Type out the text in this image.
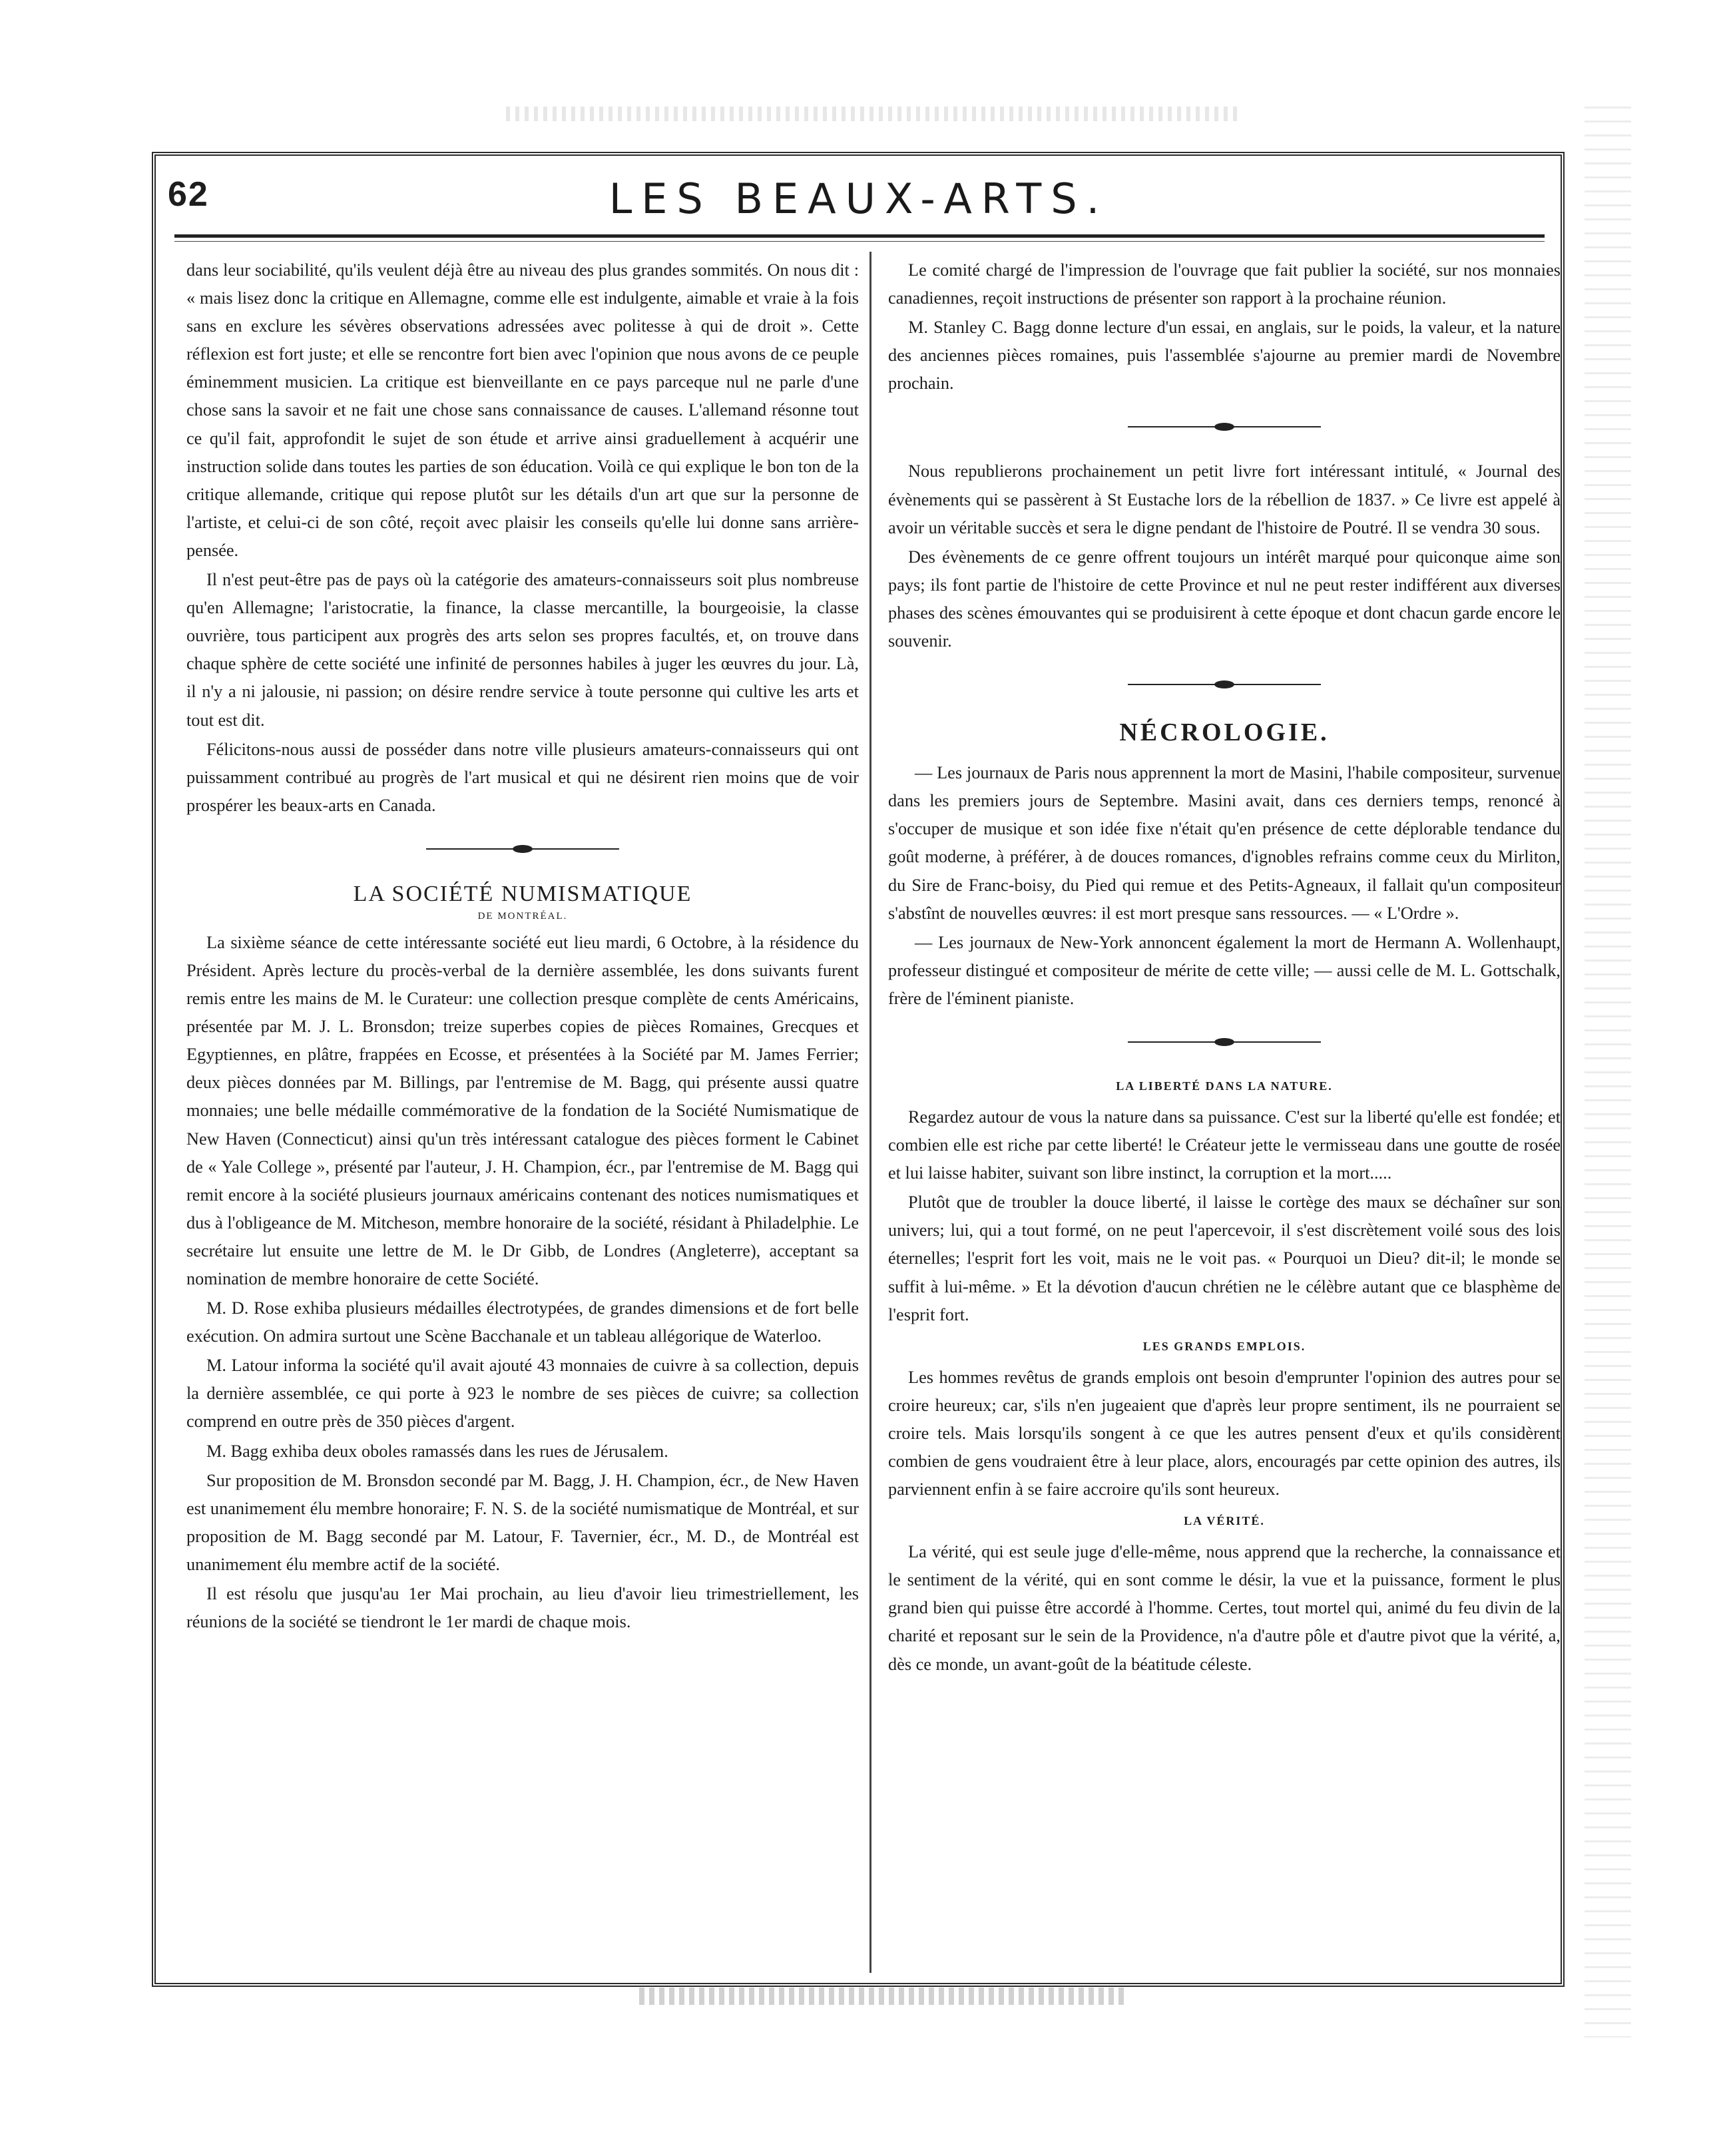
62	LES BEAUX-ARTS.

dans leur sociabilité, qu'ils veulent déjà être au niveau des plus grandes sommités. On nous dit : « mais lisez donc la critique en Allemagne, comme elle est indulgente, aimable et vraie à la fois sans en exclure les sévères observations adressées avec politesse à qui de droit ». Cette réflexion est fort juste; et elle se rencontre fort bien avec l'opinion que nous avons de ce peuple éminemment musicien. La critique est bienveillante en ce pays parceque nul ne parle d'une chose sans la savoir et ne fait une chose sans connaissance de causes. L'allemand résonne tout ce qu'il fait, approfondit le sujet de son étude et arrive ainsi graduellement à acquérir une instruction solide dans toutes les parties de son éducation. Voilà ce qui explique le bon ton de la critique allemande, critique qui repose plutôt sur les détails d'un art que sur la personne de l'artiste, et celui-ci de son côté, reçoit avec plaisir les conseils qu'elle lui donne sans arrière-pensée.

Il n'est peut-être pas de pays où la catégorie des amateurs-connaisseurs soit plus nombreuse qu'en Allemagne; l'aristocratie, la finance, la classe mercantille, la bourgeoisie, la classe ouvrière, tous participent aux progrès des arts selon ses propres facultés, et, on trouve dans chaque sphère de cette société une infinité de personnes habiles à juger les œuvres du jour. Là, il n'y a ni jalousie, ni passion; on désire rendre service à toute personne qui cultive les arts et tout est dit.

Félicitons-nous aussi de posséder dans notre ville plusieurs amateurs-connaisseurs qui ont puissamment contribué au progrès de l'art musical et qui ne désirent rien moins que de voir prospérer les beaux-arts en Canada.

LA SOCIÉTÉ NUMISMATIQUE
DE MONTRÉAL.

La sixième séance de cette intéressante société eut lieu mardi, 6 Octobre, à la résidence du Président. Après lecture du procès-verbal de la dernière assemblée, les dons suivants furent remis entre les mains de M. le Curateur: une collection presque complète de cents Américains, présentée par M. J. L. Bronsdon; treize superbes copies de pièces Romaines, Grecques et Egyptiennes, en plâtre, frappées en Ecosse, et présentées à la Société par M. James Ferrier; deux pièces données par M. Billings, par l'entremise de M. Bagg, qui présente aussi quatre monnaies; une belle médaille commémorative de la fondation de la Société Numismatique de New Haven (Connecticut) ainsi qu'un très intéressant catalogue des pièces forment le Cabinet de « Yale College », présenté par l'auteur, J. H. Champion, écr., par l'entremise de M. Bagg qui remit encore à la société plusieurs journaux américains contenant des notices numismatiques et dus à l'obligeance de M. Mitcheson, membre honoraire de la société, résidant à Philadelphie. Le secrétaire lut ensuite une lettre de M. le Dr Gibb, de Londres (Angleterre), acceptant sa nomination de membre honoraire de cette Société.

M. D. Rose exhiba plusieurs médailles électrotypées, de grandes dimensions et de fort belle exécution. On admira surtout une Scène Bacchanale et un tableau allégorique de Waterloo.

M. Latour informa la société qu'il avait ajouté 43 monnaies de cuivre à sa collection, depuis la dernière assemblée, ce qui porte à 923 le nombre de ses pièces de cuivre; sa collection comprend en outre près de 350 pièces d'argent.

M. Bagg exhiba deux oboles ramassés dans les rues de Jérusalem.

Sur proposition de M. Bronsdon secondé par M. Bagg, J. H. Champion, écr., de New Haven est unanimement élu membre honoraire; F. N. S. de la société numismatique de Montréal, et sur proposition de M. Bagg secondé par M. Latour, F. Tavernier, écr., M. D., de Montréal est unanimement élu membre actif de la société.

Il est résolu que jusqu'au 1er Mai prochain, au lieu d'avoir lieu trimestriellement, les réunions de la société se tiendront le 1er mardi de chaque mois.

Le comité chargé de l'impression de l'ouvrage que fait publier la société, sur nos monnaies canadiennes, reçoit instructions de présenter son rapport à la prochaine réunion.

M. Stanley C. Bagg donne lecture d'un essai, en anglais, sur le poids, la valeur, et la nature des anciennes pièces romaines, puis l'assemblée s'ajourne au premier mardi de Novembre prochain.

Nous republierons prochainement un petit livre fort intéressant intitulé, « Journal des évènements qui se passèrent à St Eustache lors de la rébellion de 1837. » Ce livre est appelé à avoir un véritable succès et sera le digne pendant de l'histoire de Poutré. Il se vendra 30 sous.

Des évènements de ce genre offrent toujours un intérêt marqué pour quiconque aime son pays; ils font partie de l'histoire de cette Province et nul ne peut rester indifférent aux diverses phases des scènes émouvantes qui se produisirent à cette époque et dont chacun garde encore le souvenir.

NÉCROLOGIE.

— Les journaux de Paris nous apprennent la mort de Masini, l'habile compositeur, survenue dans les premiers jours de Septembre. Masini avait, dans ces derniers temps, renoncé à s'occuper de musique et son idée fixe n'était qu'en présence de cette déplorable tendance du goût moderne, à préférer, à de douces romances, d'ignobles refrains comme ceux du Mirliton, du Sire de Franc-boisy, du Pied qui remue et des Petits-Agneaux, il fallait qu'un compositeur s'abstînt de nouvelles œuvres: il est mort presque sans ressources. — « L'Ordre ».

— Les journaux de New-York annoncent également la mort de Hermann A. Wollenhaupt, professeur distingué et compositeur de mérite de cette ville; — aussi celle de M. L. Gottschalk, frère de l'éminent pianiste.

LA LIBERTÉ DANS LA NATURE.

Regardez autour de vous la nature dans sa puissance. C'est sur la liberté qu'elle est fondée; et combien elle est riche par cette liberté! le Créateur jette le vermisseau dans une goutte de rosée et lui laisse habiter, suivant son libre instinct, la corruption et la mort.....

Plutôt que de troubler la douce liberté, il laisse le cortège des maux se déchaîner sur son univers; lui, qui a tout formé, on ne peut l'apercevoir, il s'est discrètement voilé sous des lois éternelles; l'esprit fort les voit, mais ne le voit pas. « Pourquoi un Dieu? dit-il; le monde se suffit à lui-même. » Et la dévotion d'aucun chrétien ne le célèbre autant que ce blasphème de l'esprit fort.

LES GRANDS EMPLOIS.

Les hommes revêtus de grands emplois ont besoin d'emprunter l'opinion des autres pour se croire heureux; car, s'ils n'en jugeaient que d'après leur propre sentiment, ils ne pourraient se croire tels. Mais lorsqu'ils songent à ce que les autres pensent d'eux et qu'ils considèrent combien de gens voudraient être à leur place, alors, encouragés par cette opinion des autres, ils parviennent enfin à se faire accroire qu'ils sont heureux.

LA VÉRITÉ.

La vérité, qui est seule juge d'elle-même, nous apprend que la recherche, la connaissance et le sentiment de la vérité, qui en sont comme le désir, la vue et la puissance, forment le plus grand bien qui puisse être accordé à l'homme. Certes, tout mortel qui, animé du feu divin de la charité et reposant sur le sein de la Providence, n'a d'autre pôle et d'autre pivot que la vérité, a, dès ce monde, un avant-goût de la béatitude céleste.
